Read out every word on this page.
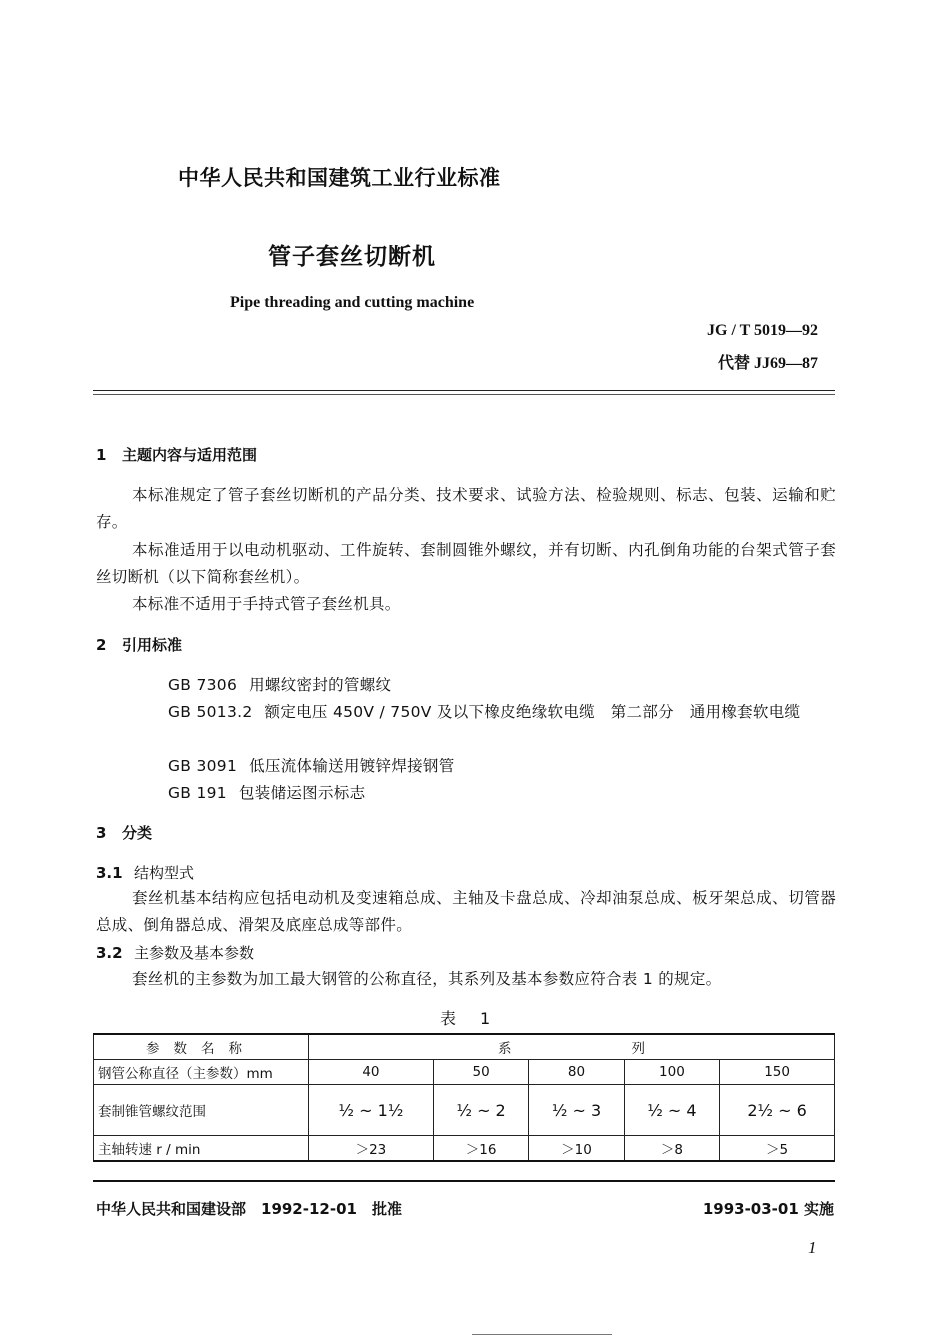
中华人民共和国建筑工业行业标准
管子套丝切断机
Pipe threading and cutting machine
JG / T 5019—92
代替 JJ69—87
1 主题内容与适用范围
本标准规定了管子套丝切断机的产品分类、技术要求、试验方法、检验规则、标志、包装、运输和贮存。
本标准适用于以电动机驱动、工件旋转、套制圆锥外螺纹，并有切断、内孔倒角功能的台架式管子套丝切断机（以下简称套丝机）。
本标准不适用于手持式管子套丝机具。
2 引用标准
GB 7306 用螺纹密封的管螺纹
GB 5013.2 额定电压 450V / 750V 及以下橡皮绝缘软电缆　第二部分　通用橡套软电缆
GB 3091 低压流体输送用镀锌焊接钢管
GB 191 包装储运图示标志
3 分类
3.1 结构型式
套丝机基本结构应包括电动机及变速箱总成、主轴及卡盘总成、冷却油泵总成、板牙架总成、切管器总成、倒角器总成、滑架及底座总成等部件。
3.2 主参数及基本参数
套丝机的主参数为加工最大钢管的公称直径，其系列及基本参数应符合表 1 的规定。
表　1
参数名称	系列				
钢管公称直径（主参数）mm	40	50	80	100	150
套制锥管螺纹范围	½ ~ 1½	½ ~ 2	½ ~ 3	½ ~ 4	2½ ~ 6
主轴转速 r / min	＞23	＞16	＞10	＞8	＞5
中华人民共和国建设部　1992-12-01　批准	1993-03-01 实施
1
